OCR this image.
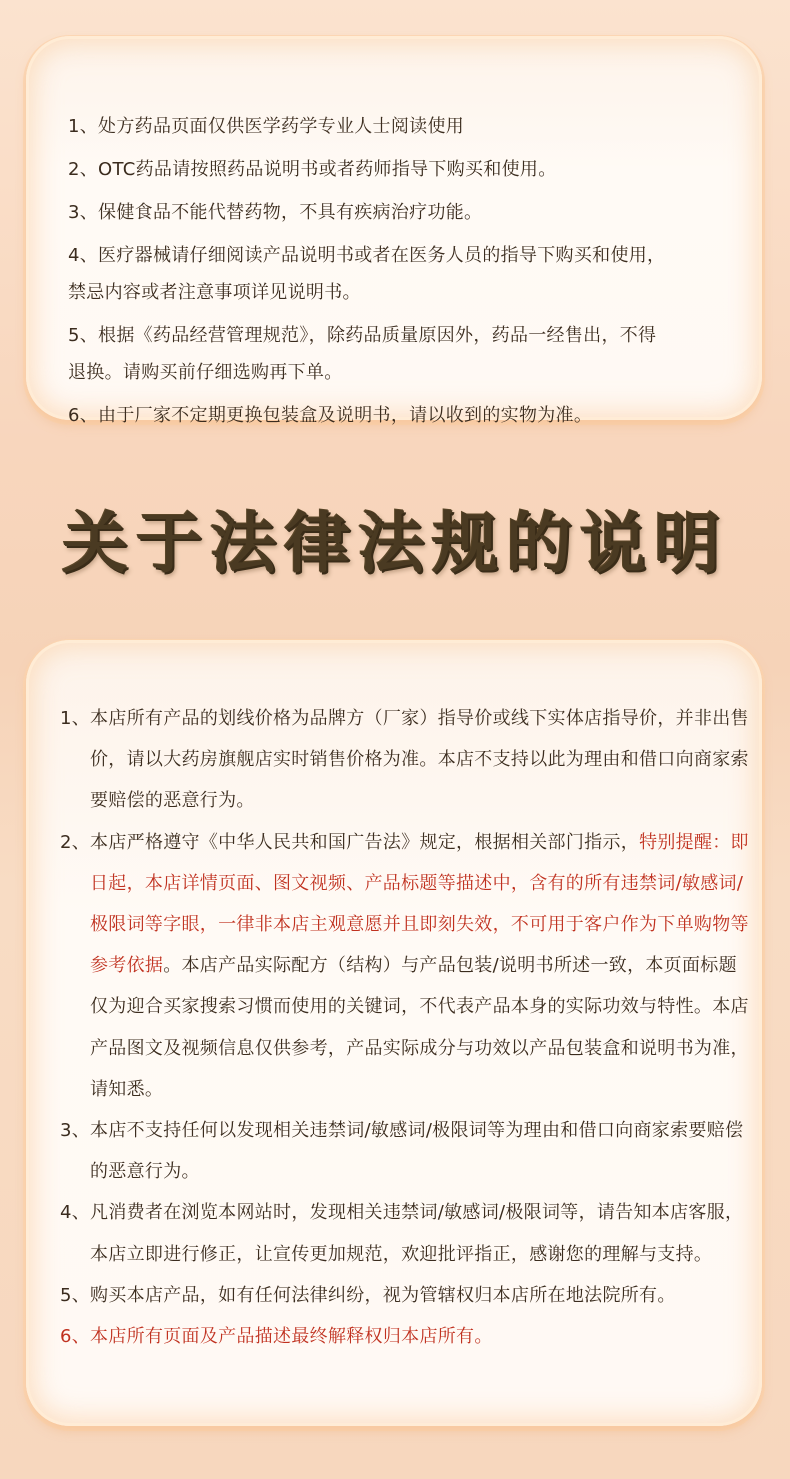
1、处方药品页面仅供医学药学专业人士阅读使用
2、OTC药品请按照药品说明书或者药师指导下购买和使用。
3、保健食品不能代替药物，不具有疾病治疗功能。
4、医疗器械请仔细阅读产品说明书或者在医务人员的指导下购买和使用，
禁忌内容或者注意事项详见说明书。
5、根据《药品经营管理规范》，除药品质量原因外，药品一经售出，不得
退换。请购买前仔细选购再下单。
6、由于厂家不定期更换包装盒及说明书，请以收到的实物为准。
关于法律法规的说明
1、本店所有产品的划线价格为品牌方（厂家）指导价或线下实体店指导价，并非出售价，请以大药房旗舰店实时销售价格为准。本店不支持以此为理由和借口向商家索要赔偿的恶意行为。
2、本店严格遵守《中华人民共和国广告法》规定，根据相关部门指示，特别提醒：即日起，本店详情页面、图文视频、产品标题等描述中，含有的所有违禁词/敏感词/极限词等字眼，一律非本店主观意愿并且即刻失效，不可用于客户作为下单购物等参考依据。本店产品实际配方（结构）与产品包装/说明书所述一致，本页面标题仅为迎合买家搜索习惯而使用的关键词，不代表产品本身的实际功效与特性。本店产品图文及视频信息仅供参考，产品实际成分与功效以产品包装盒和说明书为准，请知悉。
3、本店不支持任何以发现相关违禁词/敏感词/极限词等为理由和借口向商家索要赔偿的恶意行为。
4、凡消费者在浏览本网站时，发现相关违禁词/敏感词/极限词等，请告知本店客服，本店立即进行修正，让宣传更加规范，欢迎批评指正，感谢您的理解与支持。
5、购买本店产品，如有任何法律纠纷，视为管辖权归本店所在地法院所有。
6、本店所有页面及产品描述最终解释权归本店所有。
